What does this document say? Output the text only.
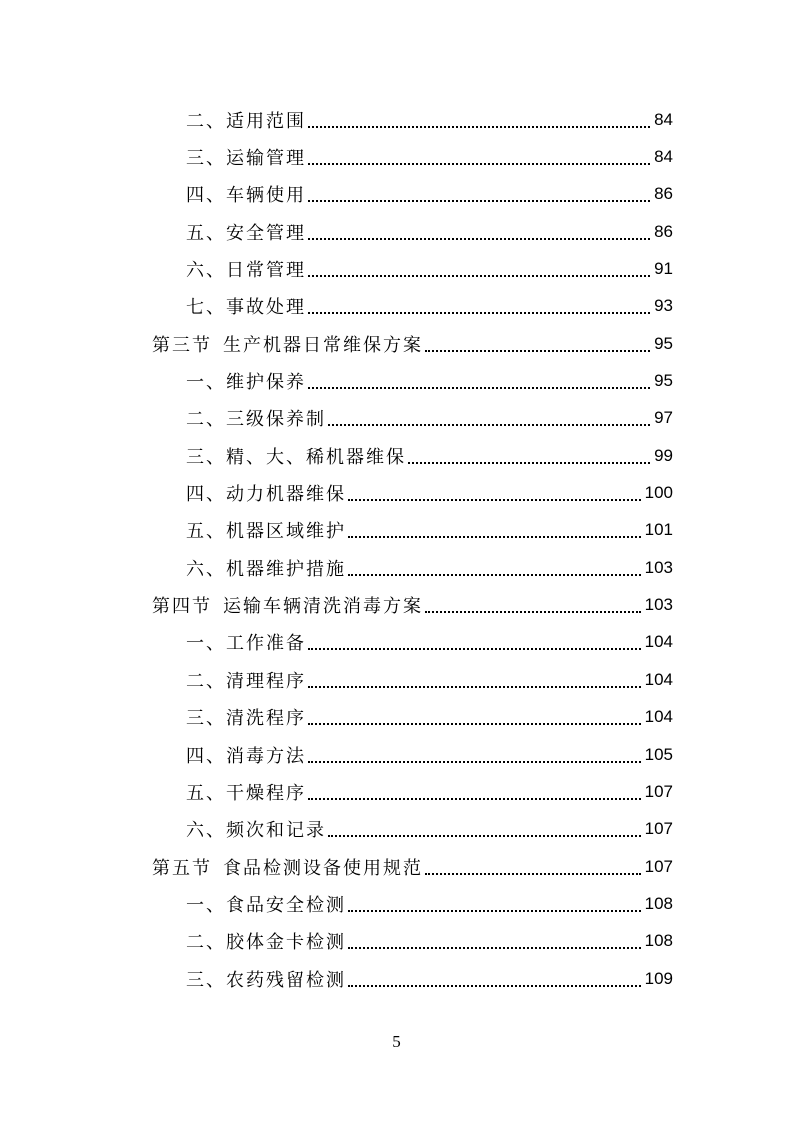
二、适用范围	84
三、运输管理	84
四、车辆使用	86
五、安全管理	86
六、日常管理	91
七、事故处理	93
第三节  生产机器日常维保方案	95
一、维护保养	95
二、三级保养制	97
三、精、大、稀机器维保	99
四、动力机器维保	100
五、机器区域维护	101
六、机器维护措施	103
第四节  运输车辆清洗消毒方案	103
一、工作准备	104
二、清理程序	104
三、清洗程序	104
四、消毒方法	105
五、干燥程序	107
六、频次和记录	107
第五节  食品检测设备使用规范	107
一、食品安全检测	108
二、胶体金卡检测	108
三、农药残留检测	109
5
